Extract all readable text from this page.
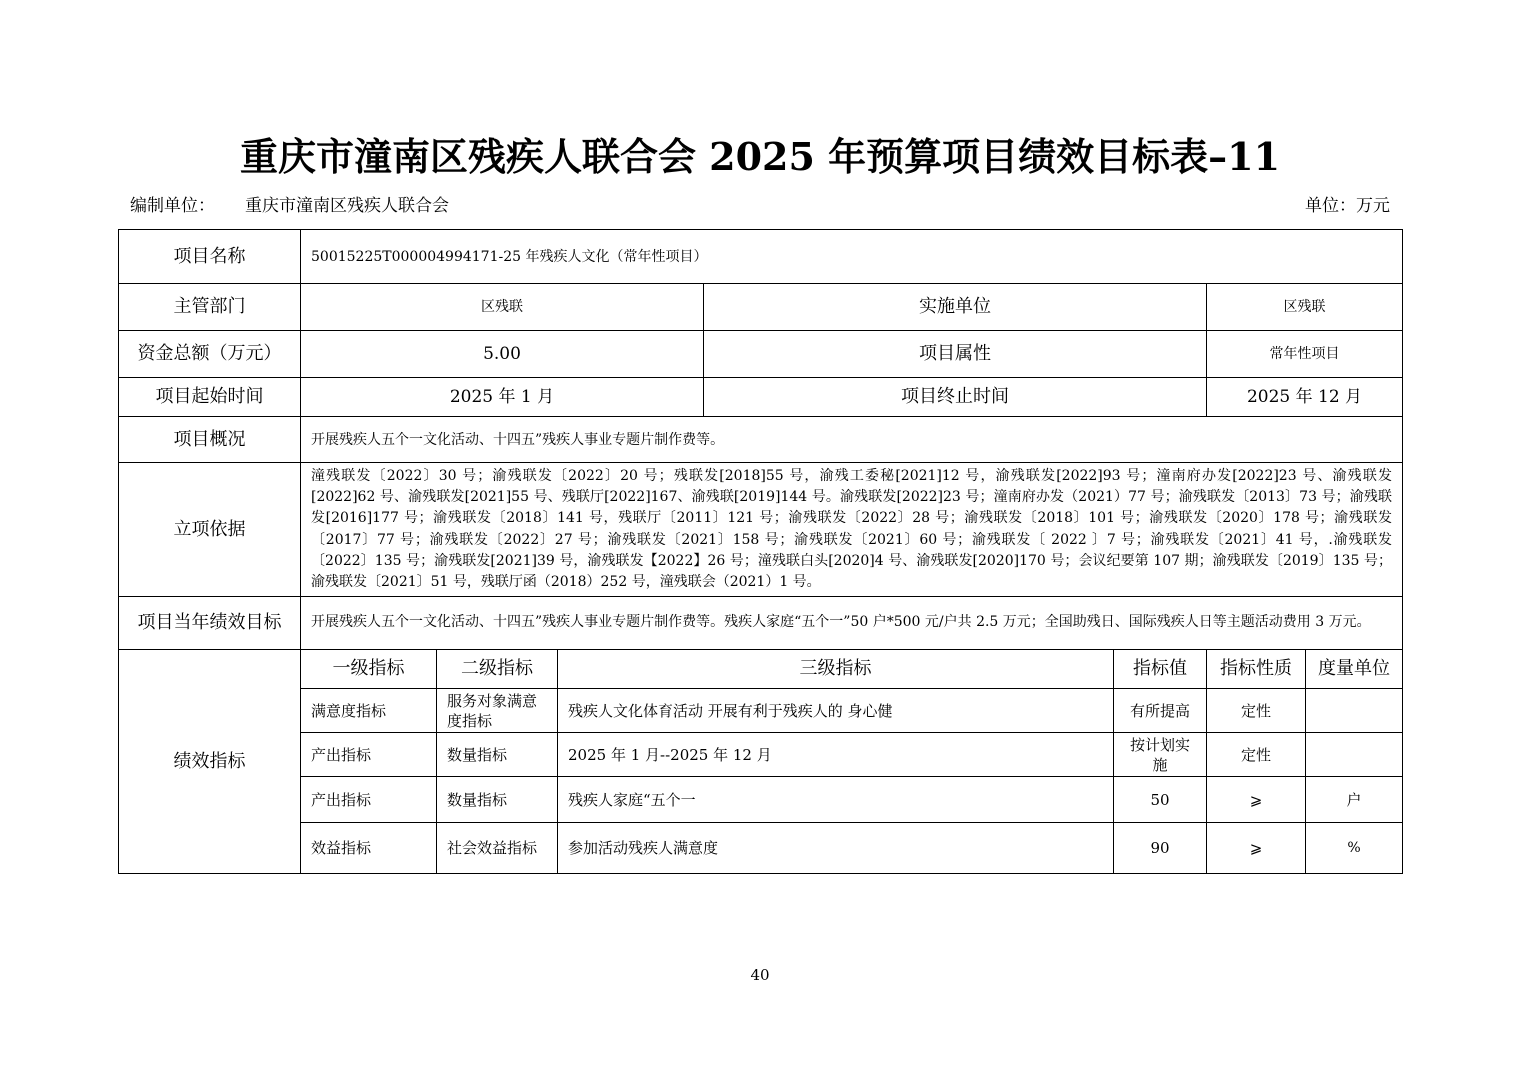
重庆市潼南区残疾人联合会 2025 年预算项目绩效目标表–11
编制单位： 重庆市潼南区残疾人联合会	单位：万元
项目名称	50015225T000004994171-25 年残疾人文化（常年性项目）						
主管部门	区残联			实施单位		区残联	
资金总额（万元）	5.00			项目属性		常年性项目	
项目起始时间	2025 年 1 月			项目终止时间		2025 年 12 月	
项目概况	开展残疾人五个一文化活动、十四五”残疾人事业专题片制作费等。						
立项依据	潼残联发〔2022〕30 号；渝残联发〔2022〕20 号；残联发[2018]55 号，渝残工委秘[2021]12 号，渝残联发[2022]93 号；潼南府办发[2022]23 号、渝残联发[2022]62 号、渝残联发[2021]55 号、残联厅[2022]167、渝残联[2019]144 号。渝残联发[2022]23 号；潼南府办发（2021）77 号；渝残联发〔2013〕73 号；渝残联发[2016]177 号；渝残联发〔2018〕141 号，残联厅〔2011〕121 号；渝残联发〔2022〕28 号；渝残联发〔2018〕101 号；渝残联发〔2020〕178 号；渝残联发〔2017〕77 号；渝残联发〔2022〕27 号；渝残联发〔2021〕158 号；渝残联发〔2021〕60 号；渝残联发〔 2022 〕7 号；渝残联发〔2021〕41 号，.渝残联发〔2022〕135 号；渝残联发[2021]39 号，渝残联发【2022】26 号；潼残联白头[2020]4 号、渝残联发[2020]170 号；会议纪要第 107 期；渝残联发〔2019〕135 号；渝残联发〔2021〕51 号，残联厅函（2018）252 号，潼残联会（2021）1 号。						
项目当年绩效目标	开展残疾人五个一文化活动、十四五”残疾人事业专题片制作费等。残疾人家庭“五个一”50 户*500 元/户共 2.5 万元；全国助残日、国际残疾人日等主题活动费用 3 万元。						
绩效指标	一级指标	二级指标	三级指标		指标值	指标性质	度量单位
	满意度指标	服务对象满意度指标	残疾人文化体育活动 开展有利于残疾人的 身心健		有所提高	定性	
	产出指标	数量指标	2025 年 1 月--2025 年 12 月		按计划实施	定性	
	产出指标	数量指标	残疾人家庭“五个一		50	⩾	户
	效益指标	社会效益指标	参加活动残疾人满意度		90	⩾	%
40
